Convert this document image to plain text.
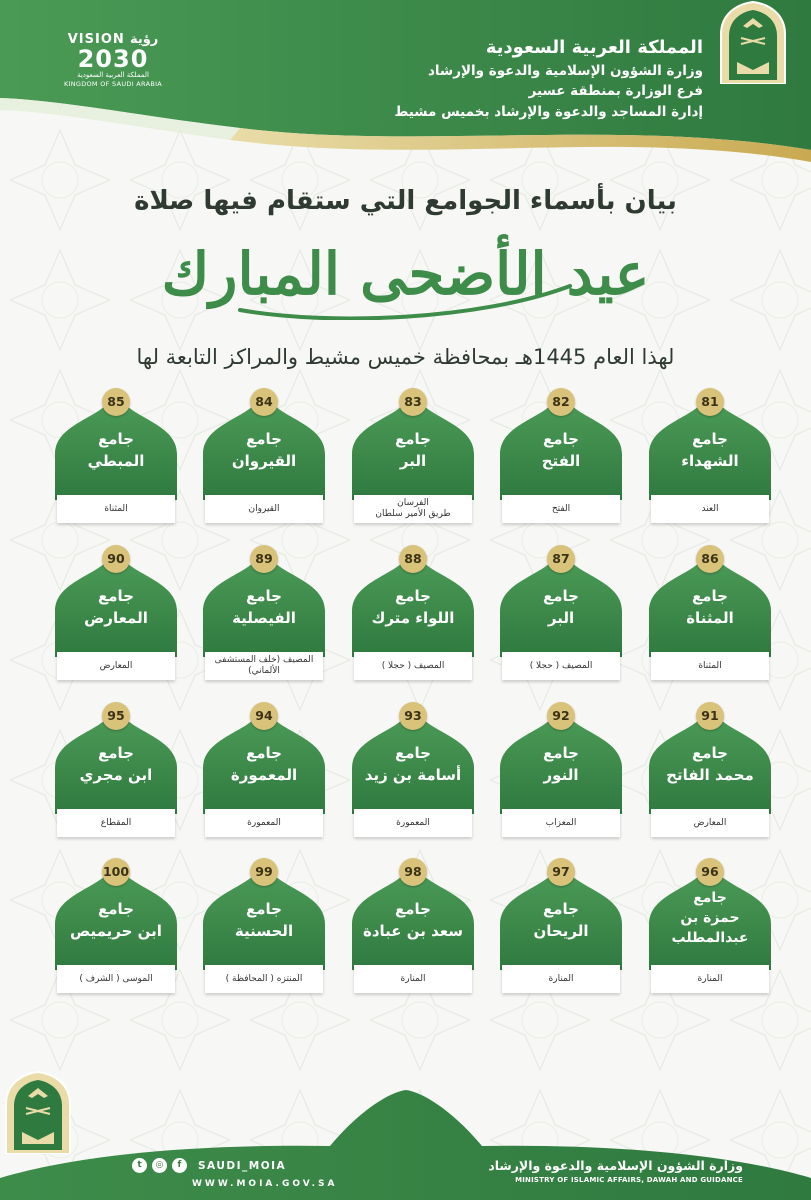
المملكة العربية السعودية
وزارة الشؤون الإسلامية والدعوة والإرشاد
فرع الوزارة بمنطقة عسير
إدارة المساجد والدعوة والإرشاد بخميس مشيط
VISION رؤية
2030
المملكة العربية السعودية
KINGDOM OF SAUDI ARABIA
بيان بأسماء الجوامع التي ستقام فيها صلاة
عيد الأضحى المبارك
لهذا العام 1445هـ بمحافظة خميس مشيط والمراكز التابعة لها
81
جامع
الشهداء
العند
82
جامع
الفتح
الفتح
83
جامع
البر
الفرسان
طريق الأمير سلطان
84
جامع
القيروان
القيروان
85
جامع
المبطي
المثناة
86
جامع
المثناة
المثناة
87
جامع
البر
المصيف ( حجلا )
88
جامع
اللواء مترك
المصيف ( حجلا )
89
جامع
الفيصلية
المصيف (خلف المستشفى الألماني)
90
جامع
المعارض
المعارض
91
جامع
محمد الفاتح
المعارض
92
جامع
النور
المعزاب
93
جامع
أسامة بن زيد
المعمورة
94
جامع
المعمورة
المعمورة
95
جامع
ابن مجري
المقطاع
96
جامع
حمزة بن
عبدالمطلب
المنارة
97
جامع
الريحان
المنارة
98
جامع
سعد بن عبادة
المنارة
99
جامع
الحسنية
المنتزه ( المحافظة )
100
جامع
ابن حريميص
الموسى ( الشرف )
وزارة الشؤون الإسلامية والدعوة والإرشاد
MINISTRY OF ISLAMIC AFFAIRS, DAWAH AND GUIDANCE
t	◎	f	SAUDI_MOIA
WWW.MOIA.GOV.SA
